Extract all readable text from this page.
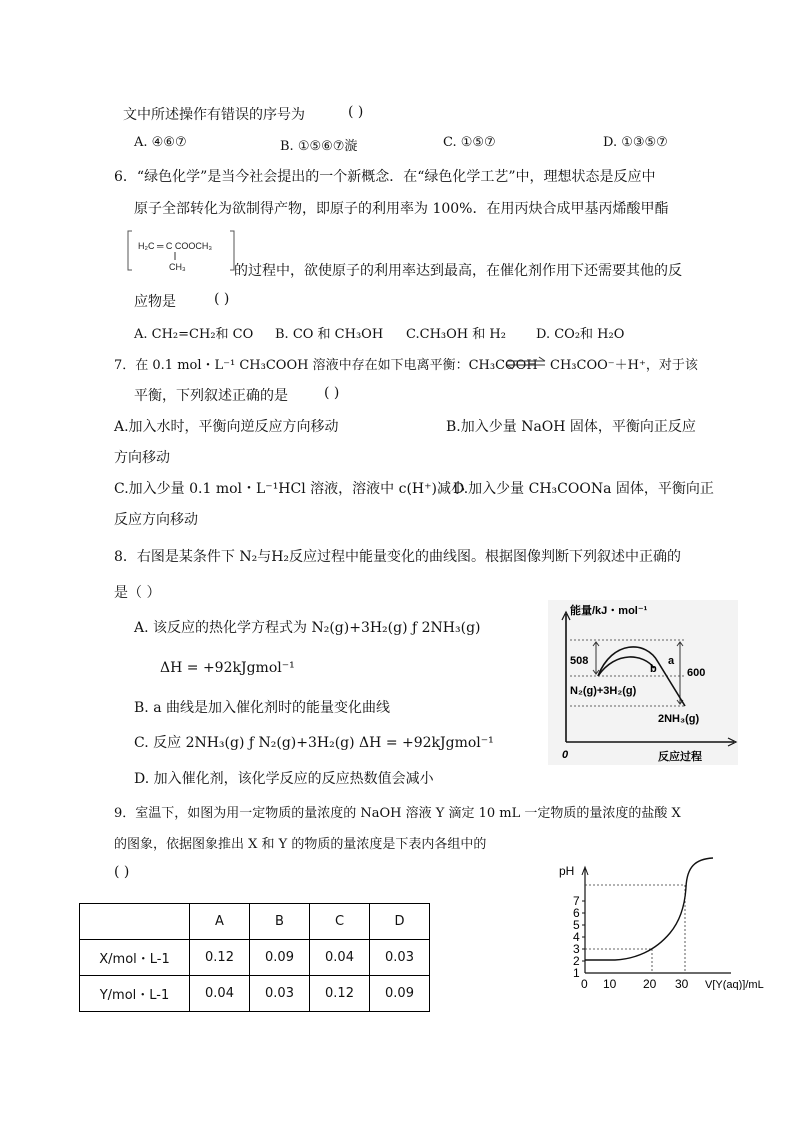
文中所述操作有错误的序号为	( )
A. ④⑥⑦	B. ①⑤⑥⑦漩	C. ①⑤⑦	D. ①③⑤⑦
6．“绿色化学”是当今社会提出的一个新概念．在“绿色化学工艺”中，理想状态是反应中
原子全部转化为欲制得产物，即原子的利用率为 100%．在用丙炔合成甲基丙烯酸甲酯
H₂C ═ C COOCH₃
CH₃	的过程中，欲使原子的利用率达到最高，在催化剂作用下还需要其他的反
应物是	( )
A. CH₂=CH₂和 CO B. CO 和 CH₃OH C.CH₃OH 和 H₂ D. CO₂和 H₂O
7．在 0.1 mol・L⁻¹ CH₃COOH 溶液中存在如下电离平衡：CH₃COOH ⇌ CH₃COO⁻＋H⁺，对于该
平衡，下列叙述正确的是	( )
A.加入水时，平衡向逆反应方向移动	B.加入少量 NaOH 固体，平衡向正反应
方向移动
C.加入少量 0.1 mol・L⁻¹HCl 溶液，溶液中 c(H⁺)减小
D.加入少量 CH₃COONa 固体，平衡向正
反应方向移动
8．右图是某条件下 N₂与H₂反应过程中能量变化的曲线图。根据图像判断下列叙述中正确的
是（ ）
A. 该反应的热化学方程式为 N₂(g)+3H₂(g) ƒ 2NH₃(g)
ΔH = +92kJgmol⁻¹
B. a 曲线是加入催化剂时的能量变化曲线
C. 反应 2NH₃(g) ƒ N₂(g)+3H₂(g) ΔH = +92kJgmol⁻¹
D. 加入催化剂，该化学反应的反应热数值会减小
能量/kJ・mol⁻¹
0	反应过程
508
600
a
b
N₂(g)+3H₂(g)
2NH₃(g)
9．室温下，如图为用一定物质的量浓度的 NaOH 溶液 Y 滴定 10 mL 一定物质的量浓度的盐酸 X
的图象，依据图象推出 X 和 Y 的物质的量浓度是下表内各组中的
( )
	A	B	C	D
X/mol・L-1	0.12	0.09	0.04	0.03
Y/mol・L-1	0.04	0.03	0.12	0.09
pH
1
2
3
4
5
6
7
0 10 20 30 V[Y(aq)]/mL
